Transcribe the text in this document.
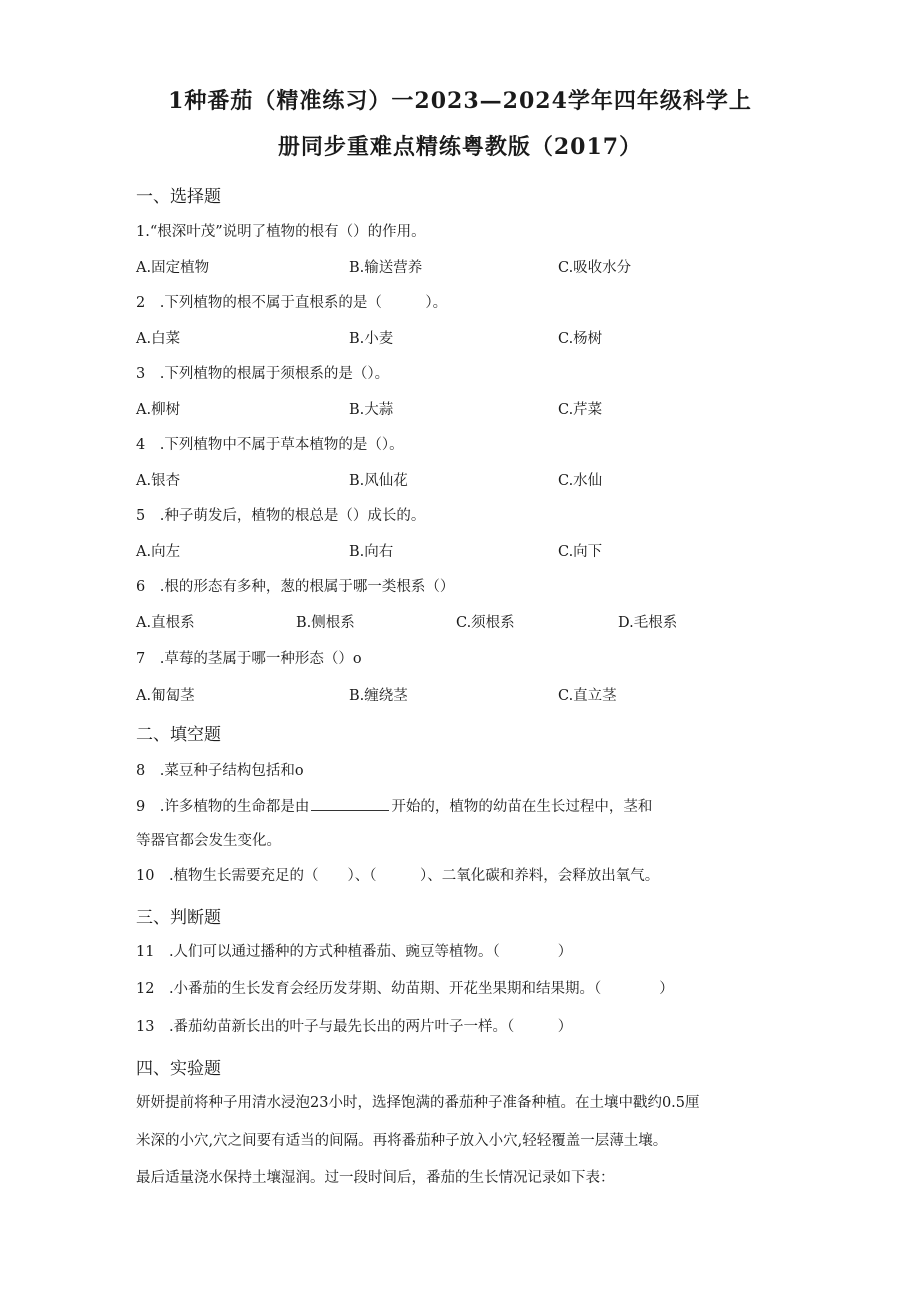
1种番茄（精准练习）一2023—2024学年四年级科学上
册同步重难点精练粤教版（2017）
一、选择题
1.“根深叶茂”说明了植物的根有（）的作用。
A.固定植物	B.输送营养	C.吸收水分
2　.下列植物的根不属于直根系的是（　　　）。
A.白菜	B.小麦	C.杨树
3　.下列植物的根属于须根系的是（）。
A.柳树	B.大蒜	C.芹菜
4　.下列植物中不属于草本植物的是（）。
A.银杏	B.风仙花	C.水仙
5　.种子萌发后，植物的根总是（）成长的。
A.向左	B.向右	C.向下
6　.根的形态有多种，葱的根属于哪一类根系（）
A.直根系	B.侧根系	C.须根系	D.毛根系
7　.草莓的茎属于哪一种形态（）o
A.匍匐茎	B.缠绕茎	C.直立茎
二、填空题
8　.菜豆种子结构包括和o
9　.许多植物的生命都是由	开始的，植物的幼苗在生长过程中，茎和
等器官都会发生变化。
10　.植物生长需要充足的（　　）、（　　　）、二氧化碳和养料，会释放出氧气。
三、判断题
11　.人们可以通过播种的方式种植番茄、豌豆等植物。（　　　　）
12　.小番茄的生长发育会经历发芽期、幼苗期、开花坐果期和结果期。（　　　　）
13　.番茄幼苗新长出的叶子与最先长出的两片叶子一样。（　　　）
四、实验题
妍妍提前将种子用清水浸泡23小时，选择饱满的番茄种子准备种植。在土壤中戳约0.5厘
米深的小穴,穴之间要有适当的间隔。再将番茄种子放入小穴,轻轻覆盖一层薄土壤。
最后适量浇水保持土壤湿润。过一段时间后，番茄的生长情况记录如下表：
